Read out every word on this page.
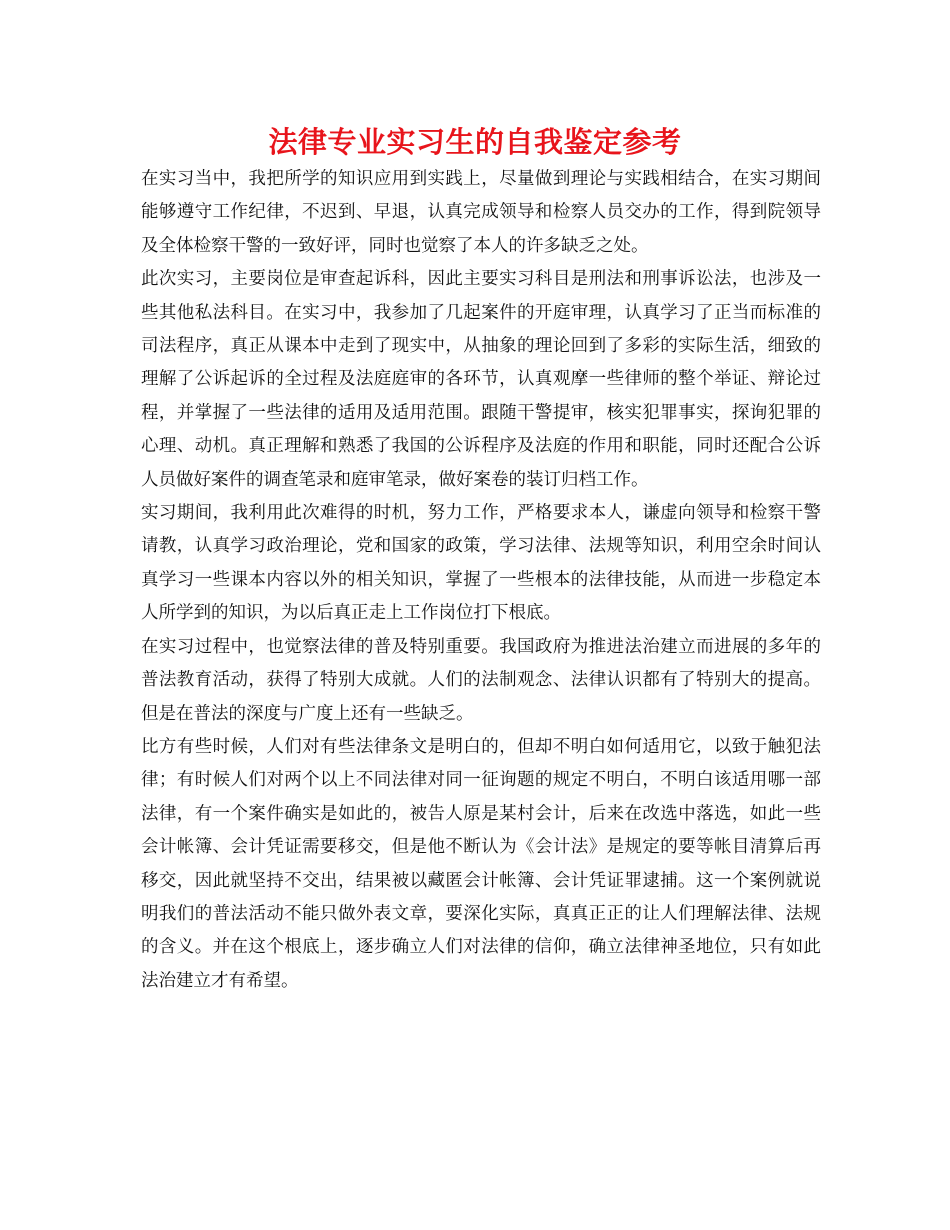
法律专业实习生的自我鉴定参考

在实习当中，我把所学的知识应用到实践上，尽量做到理论与实践相结合，在实习期间能够遵守工作纪律，不迟到、早退，认真完成领导和检察人员交办的工作，得到院领导及全体检察干警的一致好评，同时也觉察了本人的许多缺乏之处。

此次实习，主要岗位是审查起诉科，因此主要实习科目是刑法和刑事诉讼法，也涉及一些其他私法科目。在实习中，我参加了几起案件的开庭审理，认真学习了正当而标准的司法程序，真正从课本中走到了现实中，从抽象的理论回到了多彩的实际生活，细致的理解了公诉起诉的全过程及法庭庭审的各环节，认真观摩一些律师的整个举证、辩论过程，并掌握了一些法律的适用及适用范围。跟随干警提审，核实犯罪事实，探询犯罪的心理、动机。真正理解和熟悉了我国的公诉程序及法庭的作用和职能，同时还配合公诉人员做好案件的调查笔录和庭审笔录，做好案卷的装订归档工作。

实习期间，我利用此次难得的时机，努力工作，严格要求本人，谦虚向领导和检察干警请教，认真学习政治理论，党和国家的政策，学习法律、法规等知识，利用空余时间认真学习一些课本内容以外的相关知识，掌握了一些根本的法律技能，从而进一步稳定本人所学到的知识，为以后真正走上工作岗位打下根底。

在实习过程中，也觉察法律的普及特别重要。我国政府为推进法治建立而进展的多年的普法教育活动，获得了特别大成就。人们的法制观念、法律认识都有了特别大的提高。但是在普法的深度与广度上还有一些缺乏。

比方有些时候，人们对有些法律条文是明白的，但却不明白如何适用它，以致于触犯法律；有时候人们对两个以上不同法律对同一征询题的规定不明白，不明白该适用哪一部法律，有一个案件确实是如此的，被告人原是某村会计，后来在改选中落选，如此一些会计帐簿、会计凭证需要移交，但是他不断认为《会计法》是规定的要等帐目清算后再移交，因此就坚持不交出，结果被以藏匿会计帐簿、会计凭证罪逮捕。这一个案例就说明我们的普法活动不能只做外表文章，要深化实际，真真正正的让人们理解法律、法规的含义。并在这个根底上，逐步确立人们对法律的信仰，确立法律神圣地位，只有如此法治建立才有希望。
